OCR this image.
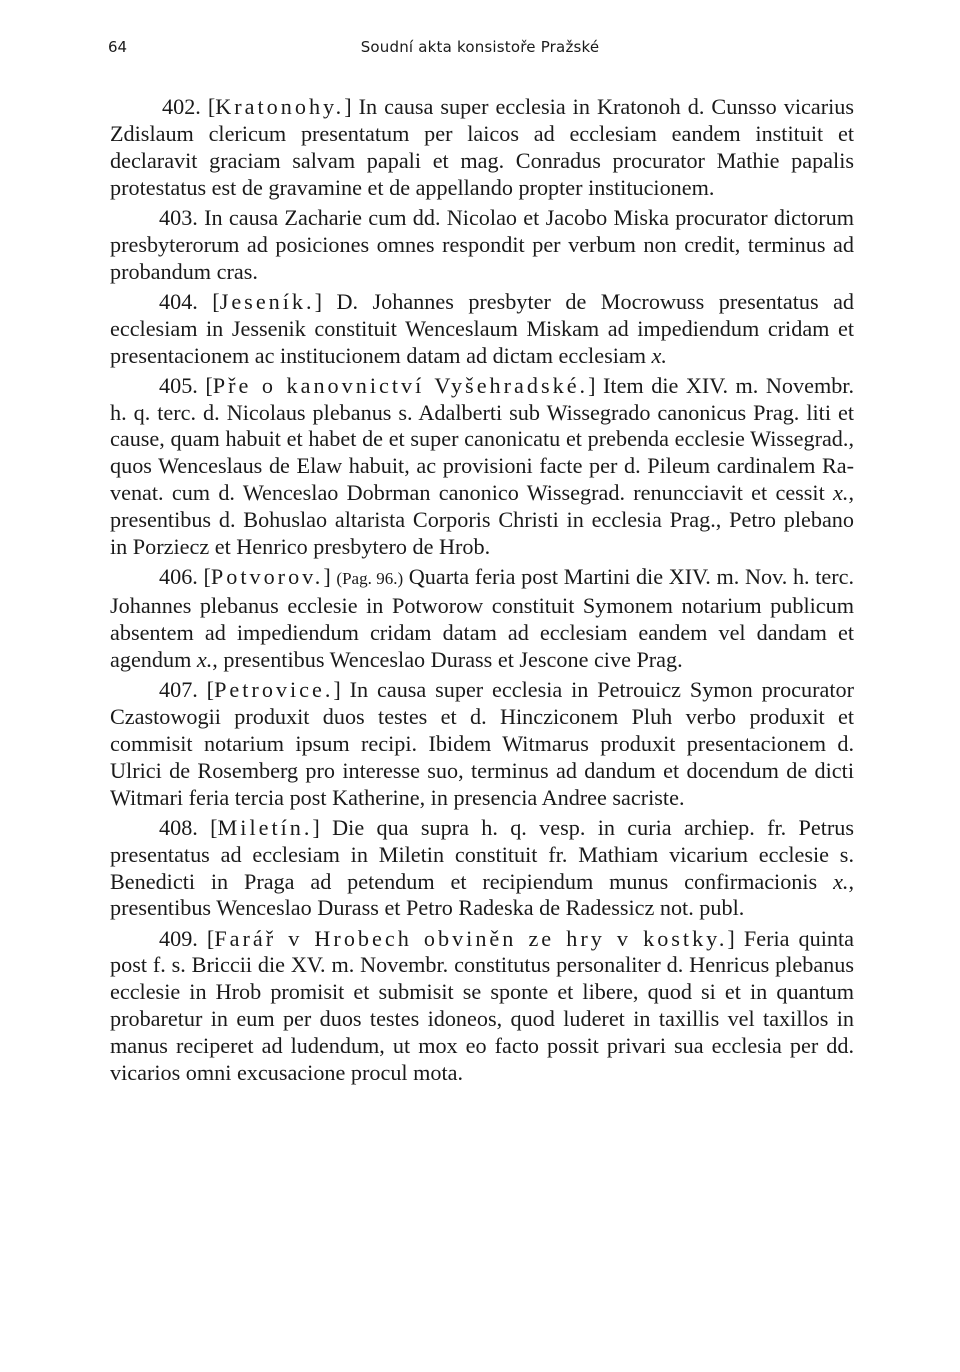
64	Soudní akta konsistoře Pražské

402. [Kratonohy.] In causa super ecclesia in Kratonoh d. Cunsso vicarius Zdislaum clericum presentatum per laicos ad ecclesiam eandem instituit et declaravit graciam salvam papali et mag. Conradus procurator Mathie papalis protestatus est de gravamine et de appellando propter institucionem.

403. In causa Zacharie cum dd. Nicolao et Jacobo Miska procurator dictorum presbyterorum ad posiciones omnes respondit per verbum non credit, terminus ad probandum cras.

404. [Jeseník.] D. Johannes presbyter de Mocrowuss presentatus ad ecclesiam in Jessenik constituit Wenceslaum Miskam ad impediendum cridam et presentacionem ac institucionem datam ad dictam ecclesiam x.

405. [Pře o kanovnictví Vyšehradské.] Item die XIV. m. Novembr. h. q. terc. d. Nicolaus plebanus s. Adalberti sub Wissegrado canonicus Prag. liti et cause, quam habuit et habet de et super canonicatu et prebenda ecclesie Wissegrad., quos Wenceslaus de Elaw habuit, ac provisioni facte per d. Pileum cardinalem Ravenat. cum d. Wenceslao Dobrman canonico Wissegrad. renuncciavit et cessit x., presentibus d. Bohuslao altarista Corporis Christi in ecclesia Prag., Petro plebano in Porziecz et Henrico presbytero de Hrob.

406. [Potvorov.] (Pag. 96.) Quarta feria post Martini die XIV. m. Nov. h. terc. Johannes plebanus ecclesie in Potworow constituit Symonem notarium publicum absentem ad impediendum cridam datam ad ecclesiam eandem vel dandam et agendum x., presentibus Wenceslao Durass et Jescone cive Prag.

407. [Petrovice.] In causa super ecclesia in Petrouicz Symon procurator Czastowogii produxit duos testes et d. Hincziconem Pluh verbo produxit et commisit notarium ipsum recipi. Ibidem Witmarus produxit presentacionem d. Ulrici de Rosemberg pro interesse suo, terminus ad dandum et docendum de dicti Witmari feria tercia post Katherine, in presencia Andree sacriste.

408. [Miletín.] Die qua supra h. q. vesp. in curia archiep. fr. Petrus presentatus ad ecclesiam in Miletin constituit fr. Mathiam vicarium ecclesie s. Benedicti in Praga ad petendum et recipiendum munus confirmacionis x., presentibus Wenceslao Durass et Petro Radeska de Radessicz not. publ.

409. [Farář v Hrobech obviněn ze hry v kostky.] Feria quinta post f. s. Briccii die XV. m. Novembr. constitutus personaliter d. Henricus plebanus ecclesie in Hrob promisit et submisit se sponte et libere, quod si et in quantum probaretur in eum per duos testes idoneos, quod luderet in taxillis vel taxillos in manus reciperet ad ludendum, ut mox eo facto possit privari sua ecclesia per dd. vicarios omni excusacione procul mota.
